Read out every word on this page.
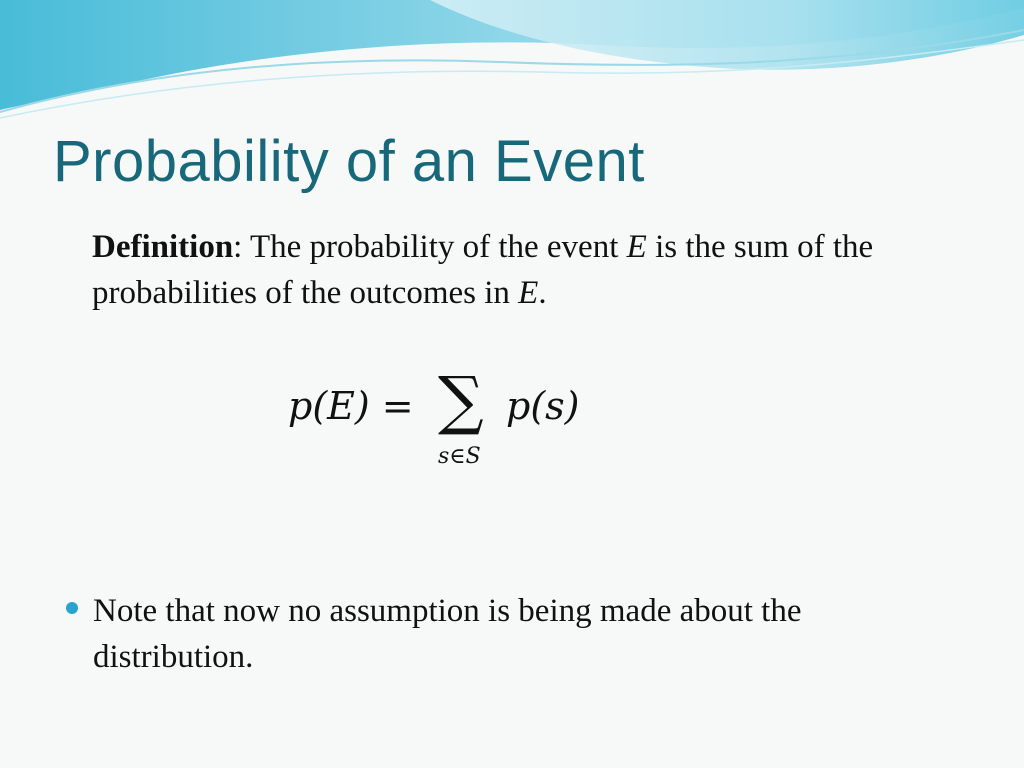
Probability of an Event
Definition: The probability of the event E is the sum of the probabilities of the outcomes in E.
p(E) = ∑ p(s)
s∈S
Note that now no assumption is being made about the distribution.
